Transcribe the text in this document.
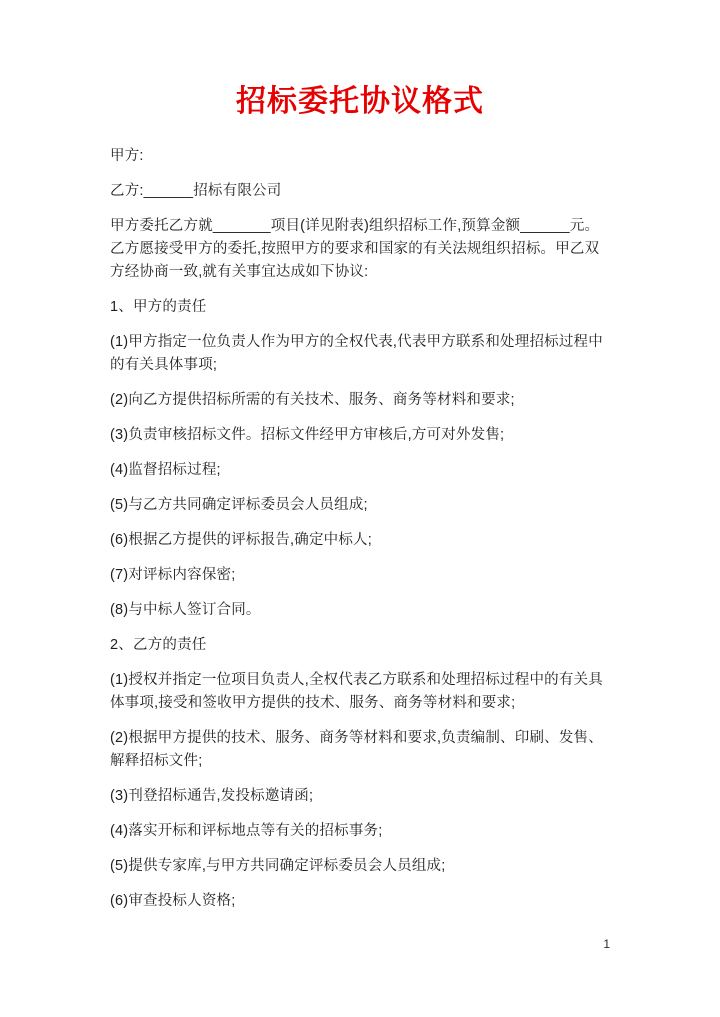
招标委托协议格式

甲方:

乙方:______招标有限公司

甲方委托乙方就_______项目(详见附表)组织招标工作,预算金额______元。乙方愿接受甲方的委托,按照甲方的要求和国家的有关法规组织招标。甲乙双方经协商一致,就有关事宜达成如下协议:

1、甲方的责任

(1)甲方指定一位负责人作为甲方的全权代表,代表甲方联系和处理招标过程中的有关具体事项;

(2)向乙方提供招标所需的有关技术、服务、商务等材料和要求;

(3)负责审核招标文件。招标文件经甲方审核后,方可对外发售;

(4)监督招标过程;

(5)与乙方共同确定评标委员会人员组成;

(6)根据乙方提供的评标报告,确定中标人;

(7)对评标内容保密;

(8)与中标人签订合同。

2、乙方的责任

(1)授权并指定一位项目负责人,全权代表乙方联系和处理招标过程中的有关具体事项,接受和签收甲方提供的技术、服务、商务等材料和要求;

(2)根据甲方提供的技术、服务、商务等材料和要求,负责编制、印刷、发售、解释招标文件;

(3)刊登招标通告,发投标邀请函;

(4)落实开标和评标地点等有关的招标事务;

(5)提供专家库,与甲方共同确定评标委员会人员组成;

(6)审查投标人资格;

1
